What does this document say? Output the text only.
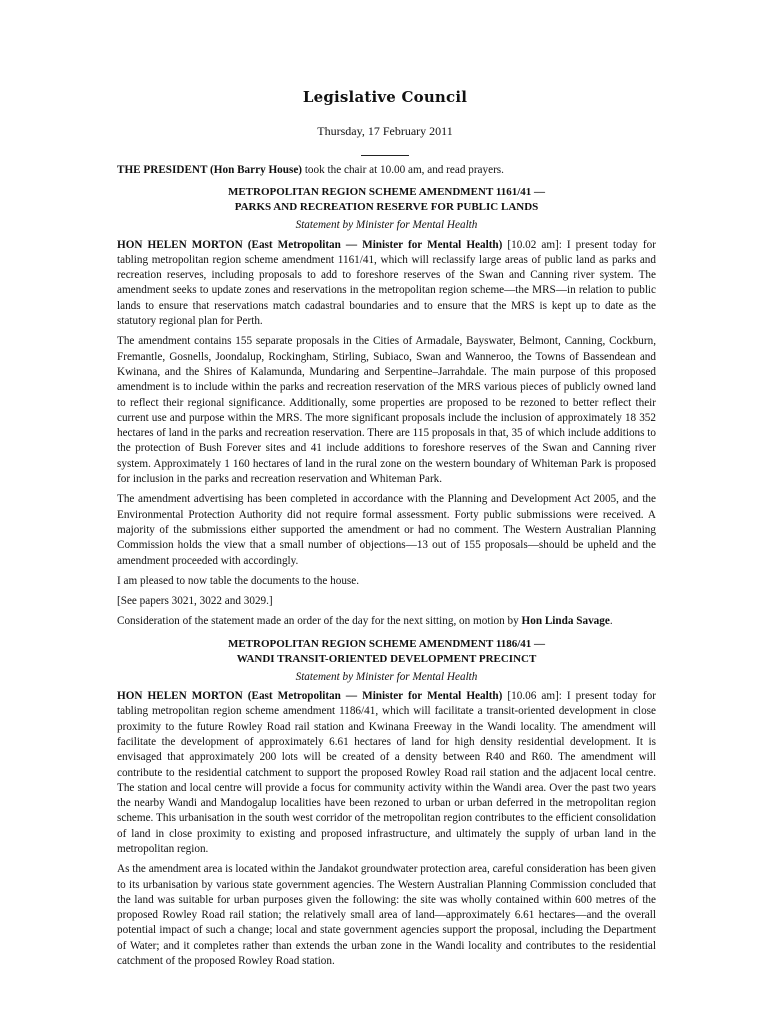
Legislative Council
Thursday, 17 February 2011

THE PRESIDENT (Hon Barry House) took the chair at 10.00 am, and read prayers.

METROPOLITAN REGION SCHEME AMENDMENT 1161/41 —
PARKS AND RECREATION RESERVE FOR PUBLIC LANDS
Statement by Minister for Mental Health

HON HELEN MORTON (East Metropolitan — Minister for Mental Health) [10.02 am]: I present today for tabling metropolitan region scheme amendment 1161/41, which will reclassify large areas of public land as parks and recreation reserves, including proposals to add to foreshore reserves of the Swan and Canning river system. The amendment seeks to update zones and reservations in the metropolitan region scheme—the MRS—in relation to public lands to ensure that reservations match cadastral boundaries and to ensure that the MRS is kept up to date as the statutory regional plan for Perth.

The amendment contains 155 separate proposals in the Cities of Armadale, Bayswater, Belmont, Canning, Cockburn, Fremantle, Gosnells, Joondalup, Rockingham, Stirling, Subiaco, Swan and Wanneroo, the Towns of Bassendean and Kwinana, and the Shires of Kalamunda, Mundaring and Serpentine–Jarrahdale. The main purpose of this proposed amendment is to include within the parks and recreation reservation of the MRS various pieces of publicly owned land to reflect their regional significance. Additionally, some properties are proposed to be rezoned to better reflect their current use and purpose within the MRS. The more significant proposals include the inclusion of approximately 18 352 hectares of land in the parks and recreation reservation. There are 115 proposals in that, 35 of which include additions to the protection of Bush Forever sites and 41 include additions to foreshore reserves of the Swan and Canning river system. Approximately 1 160 hectares of land in the rural zone on the western boundary of Whiteman Park is proposed for inclusion in the parks and recreation reservation and Whiteman Park.

The amendment advertising has been completed in accordance with the Planning and Development Act 2005, and the Environmental Protection Authority did not require formal assessment. Forty public submissions were received. A majority of the submissions either supported the amendment or had no comment. The Western Australian Planning Commission holds the view that a small number of objections—13 out of 155 proposals—should be upheld and the amendment proceeded with accordingly.

I am pleased to now table the documents to the house.

[See papers 3021, 3022 and 3029.]

Consideration of the statement made an order of the day for the next sitting, on motion by Hon Linda Savage.

METROPOLITAN REGION SCHEME AMENDMENT 1186/41 —
WANDI TRANSIT-ORIENTED DEVELOPMENT PRECINCT
Statement by Minister for Mental Health

HON HELEN MORTON (East Metropolitan — Minister for Mental Health) [10.06 am]: I present today for tabling metropolitan region scheme amendment 1186/41, which will facilitate a transit-oriented development in close proximity to the future Rowley Road rail station and Kwinana Freeway in the Wandi locality. The amendment will facilitate the development of approximately 6.61 hectares of land for high density residential development. It is envisaged that approximately 200 lots will be created of a density between R40 and R60. The amendment will contribute to the residential catchment to support the proposed Rowley Road rail station and the adjacent local centre. The station and local centre will provide a focus for community activity within the Wandi area. Over the past two years the nearby Wandi and Mandogalup localities have been rezoned to urban or urban deferred in the metropolitan region scheme. This urbanisation in the south west corridor of the metropolitan region contributes to the efficient consolidation of land in close proximity to existing and proposed infrastructure, and ultimately the supply of urban land in the metropolitan region.

As the amendment area is located within the Jandakot groundwater protection area, careful consideration has been given to its urbanisation by various state government agencies. The Western Australian Planning Commission concluded that the land was suitable for urban purposes given the following: the site was wholly contained within 600 metres of the proposed Rowley Road rail station; the relatively small area of land—approximately 6.61 hectares—and the overall potential impact of such a change; local and state government agencies support the proposal, including the Department of Water; and it completes rather than extends the urban zone in the Wandi locality and contributes to the residential catchment of the proposed Rowley Road station.
